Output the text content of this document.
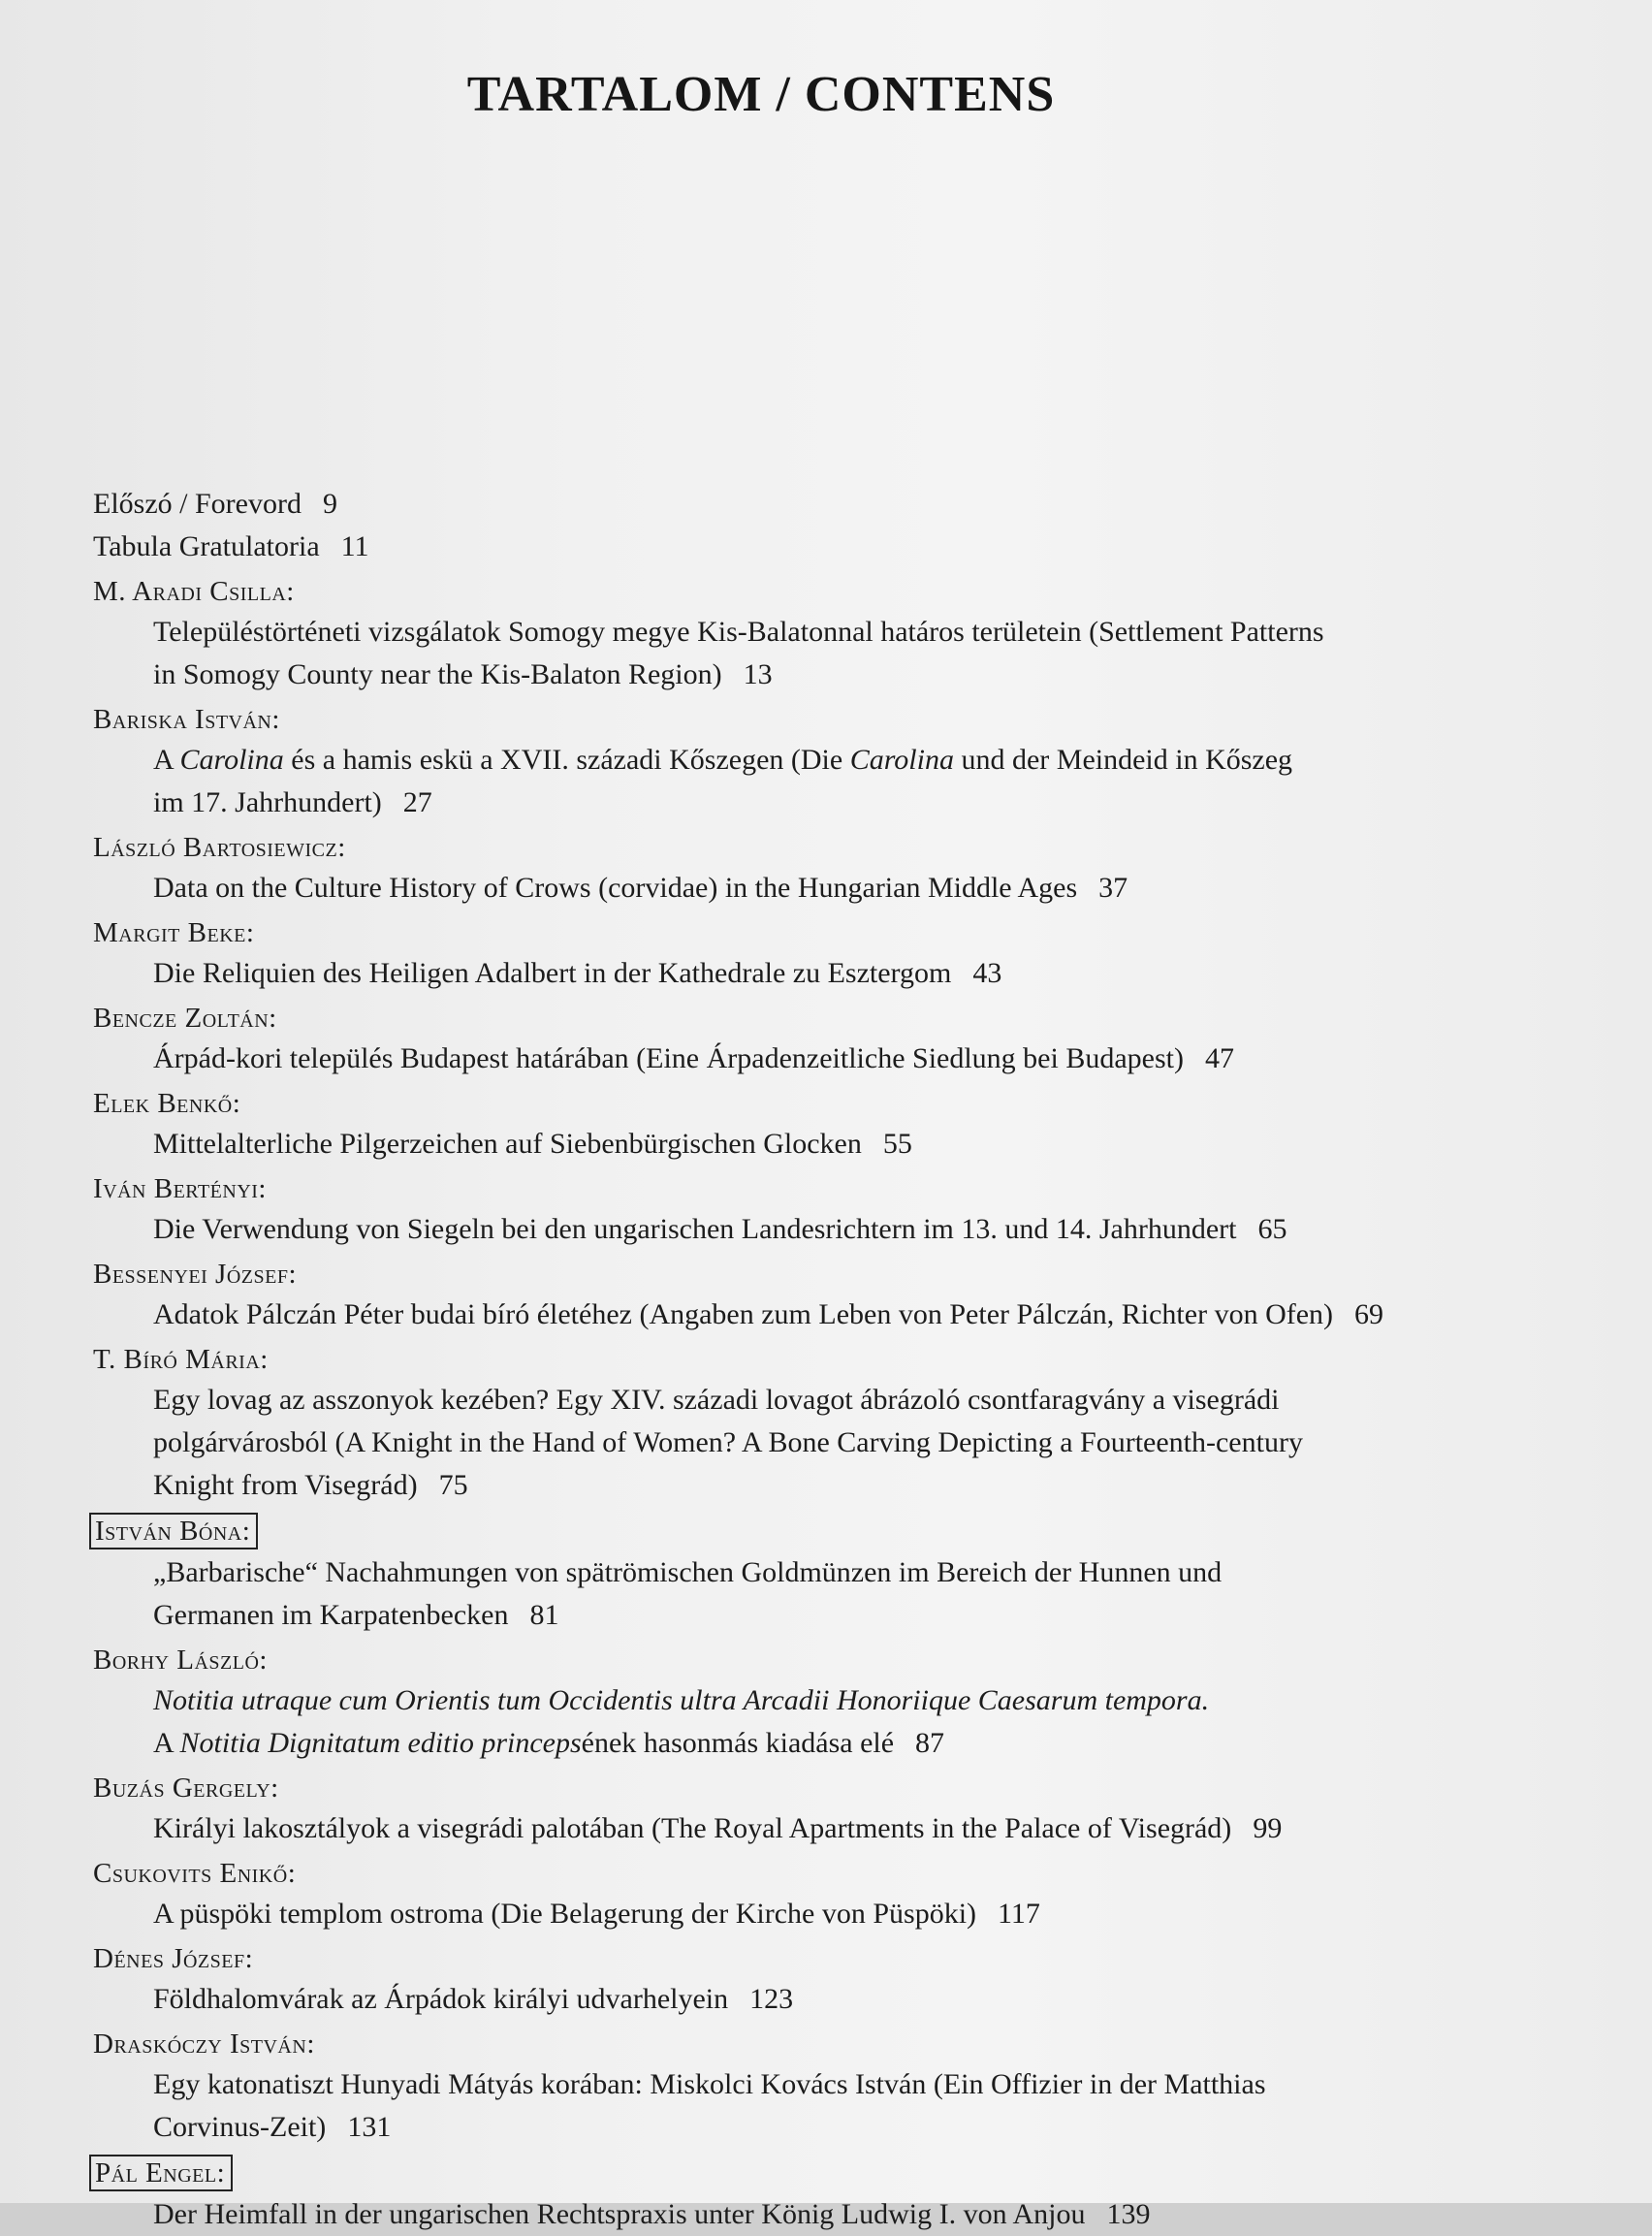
TARTALOM / CONTENS
Előszó / Forevord 9
Tabula Gratulatoria 11
M. Aradi Csilla:
Településtörténeti vizsgálatok Somogy megye Kis-Balatonnal határos területein (Settlement Patterns
in Somogy County near the Kis-Balaton Region) 13
Bariska István:
A Carolina és a hamis eskü a XVII. századi Kőszegen (Die Carolina und der Meindeid in Kőszeg
im 17. Jahrhundert) 27
László Bartosiewicz:
Data on the Culture History of Crows (corvidae) in the Hungarian Middle Ages 37
Margit Beke:
Die Reliquien des Heiligen Adalbert in der Kathedrale zu Esztergom 43
Bencze Zoltán:
Árpád-kori település Budapest határában (Eine Árpadenzeitliche Siedlung bei Budapest) 47
Elek Benkő:
Mittelalterliche Pilgerzeichen auf Siebenbürgischen Glocken 55
Iván Bertényi:
Die Verwendung von Siegeln bei den ungarischen Landesrichtern im 13. und 14. Jahrhundert 65
Bessenyei József:
Adatok Pálczán Péter budai bíró életéhez (Angaben zum Leben von Peter Pálczán, Richter von Ofen) 69
T. Bíró Mária:
Egy lovag az asszonyok kezében? Egy XIV. századi lovagot ábrázoló csontfaragvány a visegrádi
polgárvárosból (A Knight in the Hand of Women? A Bone Carving Depicting a Fourteenth-century
Knight from Visegrád) 75
István Bóna:
„Barbarische“ Nachahmungen von spätrömischen Goldmünzen im Bereich der Hunnen und
Germanen im Karpatenbecken 81
Borhy László:
Notitia utraque cum Orientis tum Occidentis ultra Arcadii Honoriique Caesarum tempora.
A Notitia Dignitatum editio princepsének hasonmás kiadása elé 87
Buzás Gergely:
Királyi lakosztályok a visegrádi palotában (The Royal Apartments in the Palace of Visegrád) 99
Csukovits Enikő:
A püspöki templom ostroma (Die Belagerung der Kirche von Püspöki) 117
Dénes József:
Földhalomvárak az Árpádok királyi udvarhelyein 123
Draskóczy István:
Egy katonatiszt Hunyadi Mátyás korában: Miskolci Kovács István (Ein Offizier in der Matthias
Corvinus-Zeit) 131
Pál Engel:
Der Heimfall in der ungarischen Rechtspraxis unter König Ludwig I. von Anjou 139
